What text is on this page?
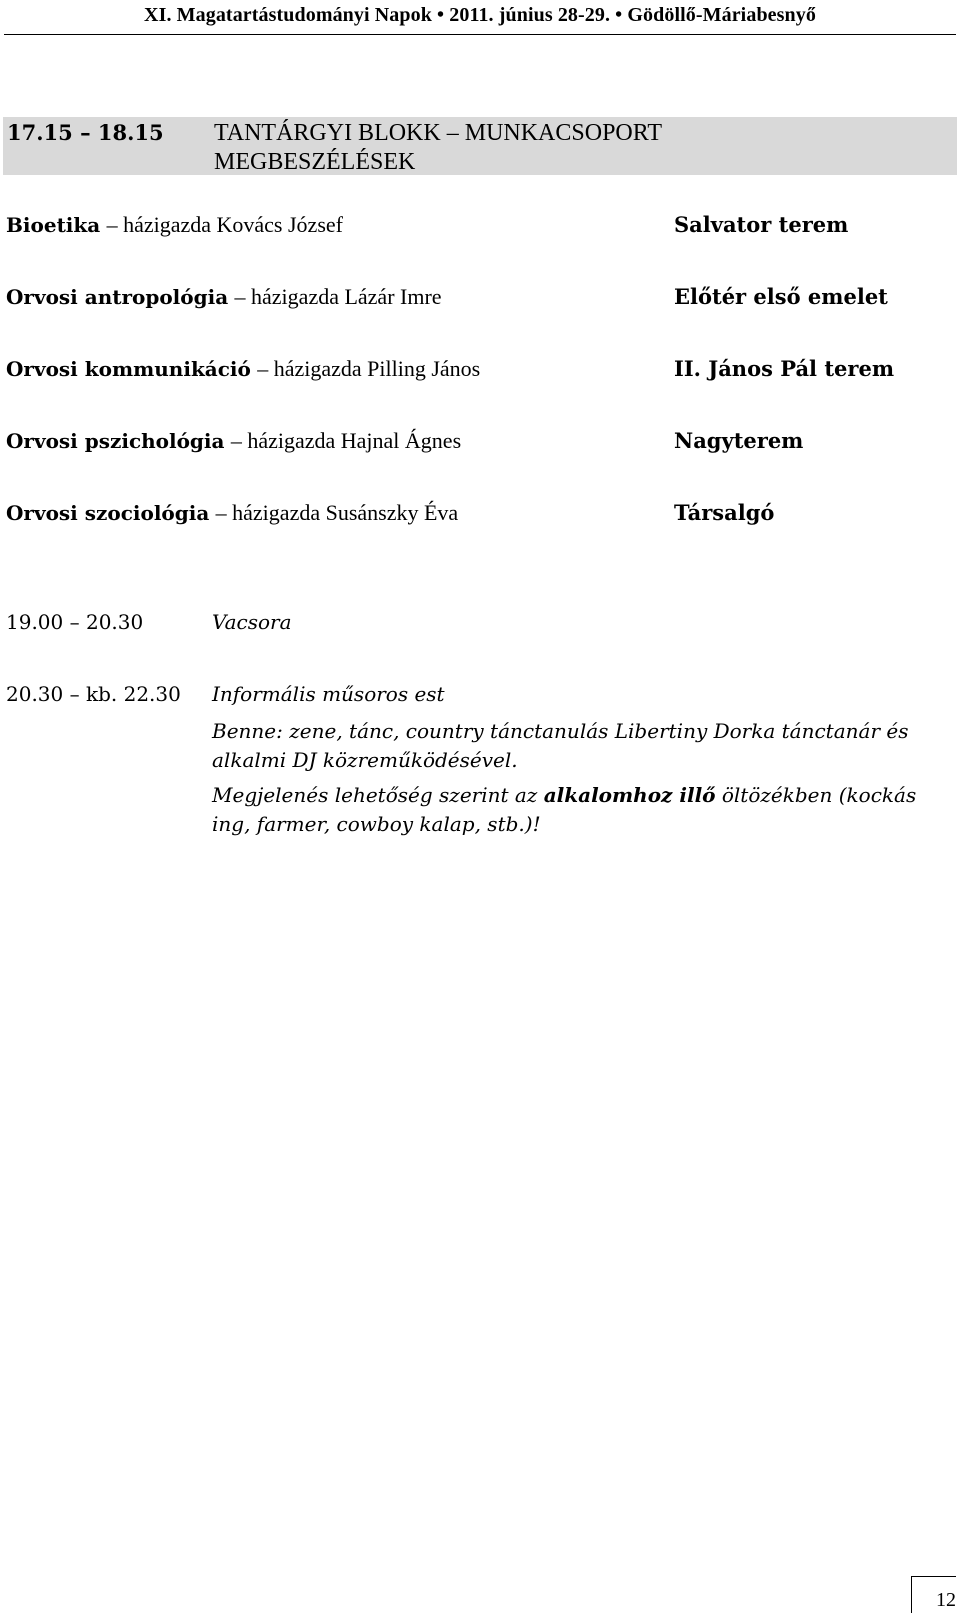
XI. Magatartástudományi Napok • 2011. június 28-29. • Gödöllő-Máriabesnyő
17.15 – 18.15 TANTÁRGYI BLOKK – MUNKACSOPORT MEGBESZÉLÉSEK
Bioetika – házigazda Kovács József	Salvator terem
Orvosi antropológia – házigazda Lázár Imre	Előtér első emelet
Orvosi kommunikáció – házigazda Pilling János	II. János Pál terem
Orvosi pszichológia – házigazda Hajnal Ágnes	Nagyterem
Orvosi szociológia – házigazda Susánszky Éva	Társalgó
19.00 – 20.30	Vacsora
20.30 – kb. 22.30 Informális műsoros est
Benne: zene, tánc, country tánctanulás Libertiny Dorka tánctanár és alkalmi DJ közreműködésével.
Megjelenés lehetőség szerint az alkalomhoz illő öltözékben (kockás ing, farmer, cowboy kalap, stb.)!
12
